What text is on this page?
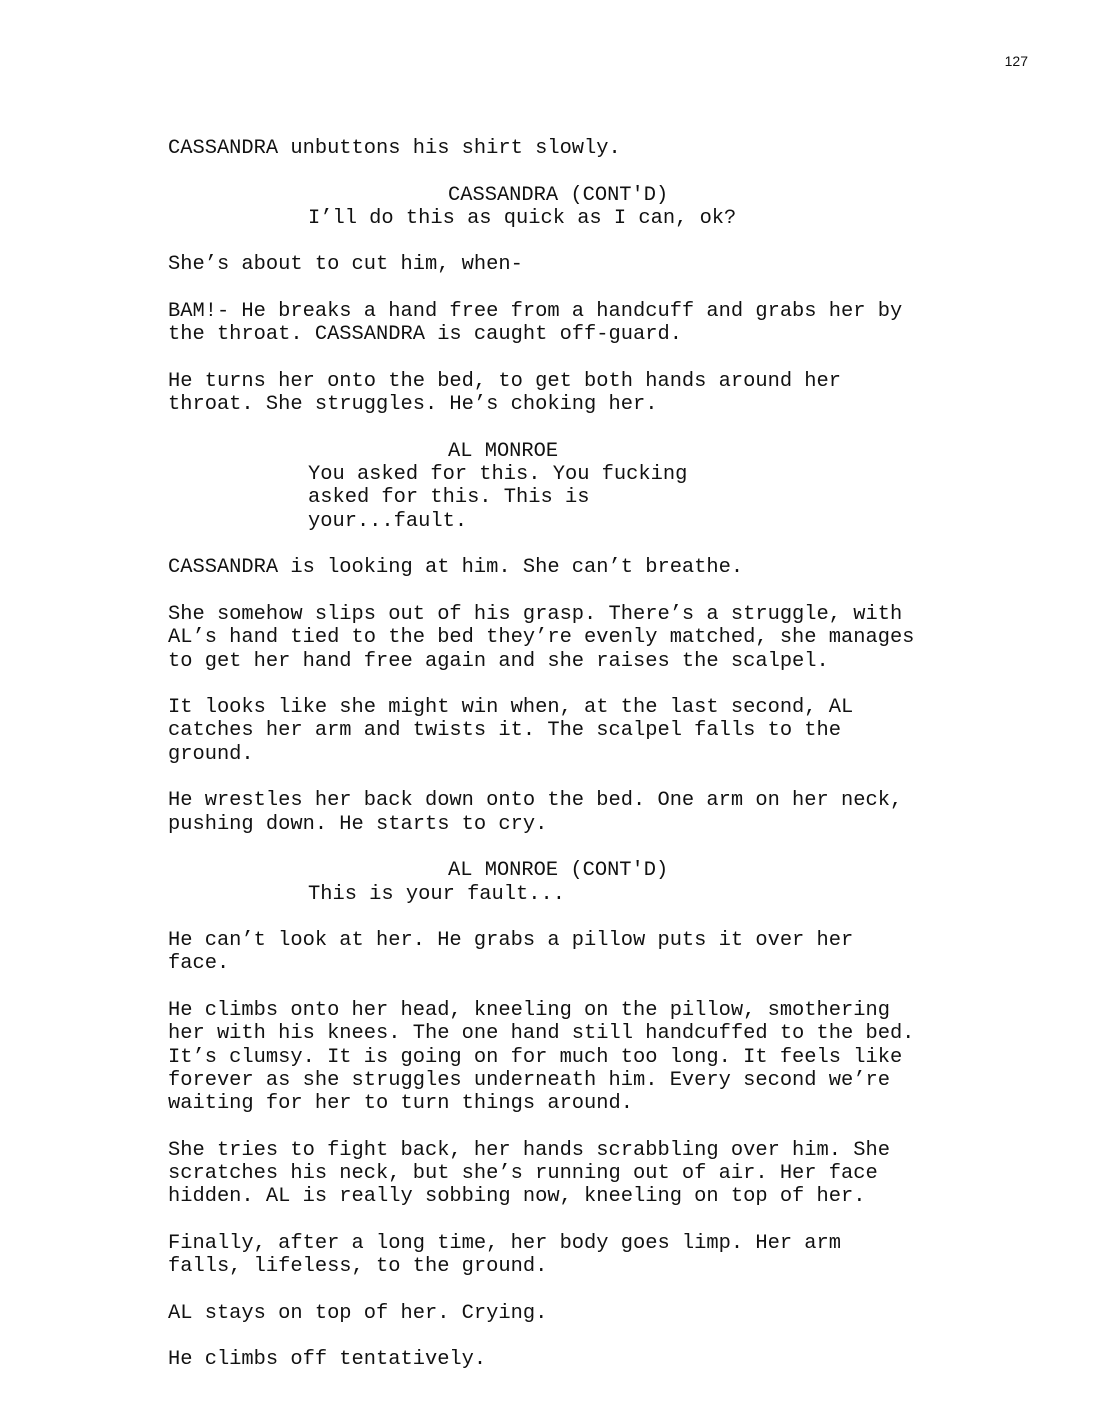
127
CASSANDRA unbuttons his shirt slowly.
CASSANDRA (CONT'D)
I’ll do this as quick as I can, ok?
She’s about to cut him, when-
BAM!- He breaks a hand free from a handcuff and grabs her by
the throat. CASSANDRA is caught off-guard.
He turns her onto the bed, to get both hands around her
throat. She struggles. He’s choking her.
AL MONROE
You asked for this. You fucking
asked for this. This is
your...fault.
CASSANDRA is looking at him. She can’t breathe.
She somehow slips out of his grasp. There’s a struggle, with
AL’s hand tied to the bed they’re evenly matched, she manages
to get her hand free again and she raises the scalpel.
It looks like she might win when, at the last second, AL
catches her arm and twists it. The scalpel falls to the
ground.
He wrestles her back down onto the bed. One arm on her neck,
pushing down. He starts to cry.
AL MONROE (CONT'D)
This is your fault...
He can’t look at her. He grabs a pillow puts it over her
face.
He climbs onto her head, kneeling on the pillow, smothering
her with his knees. The one hand still handcuffed to the bed.
It’s clumsy. It is going on for much too long. It feels like
forever as she struggles underneath him. Every second we’re
waiting for her to turn things around.
She tries to fight back, her hands scrabbling over him. She
scratches his neck, but she’s running out of air. Her face
hidden. AL is really sobbing now, kneeling on top of her.
Finally, after a long time, her body goes limp. Her arm
falls, lifeless, to the ground.
AL stays on top of her. Crying.
He climbs off tentatively.
